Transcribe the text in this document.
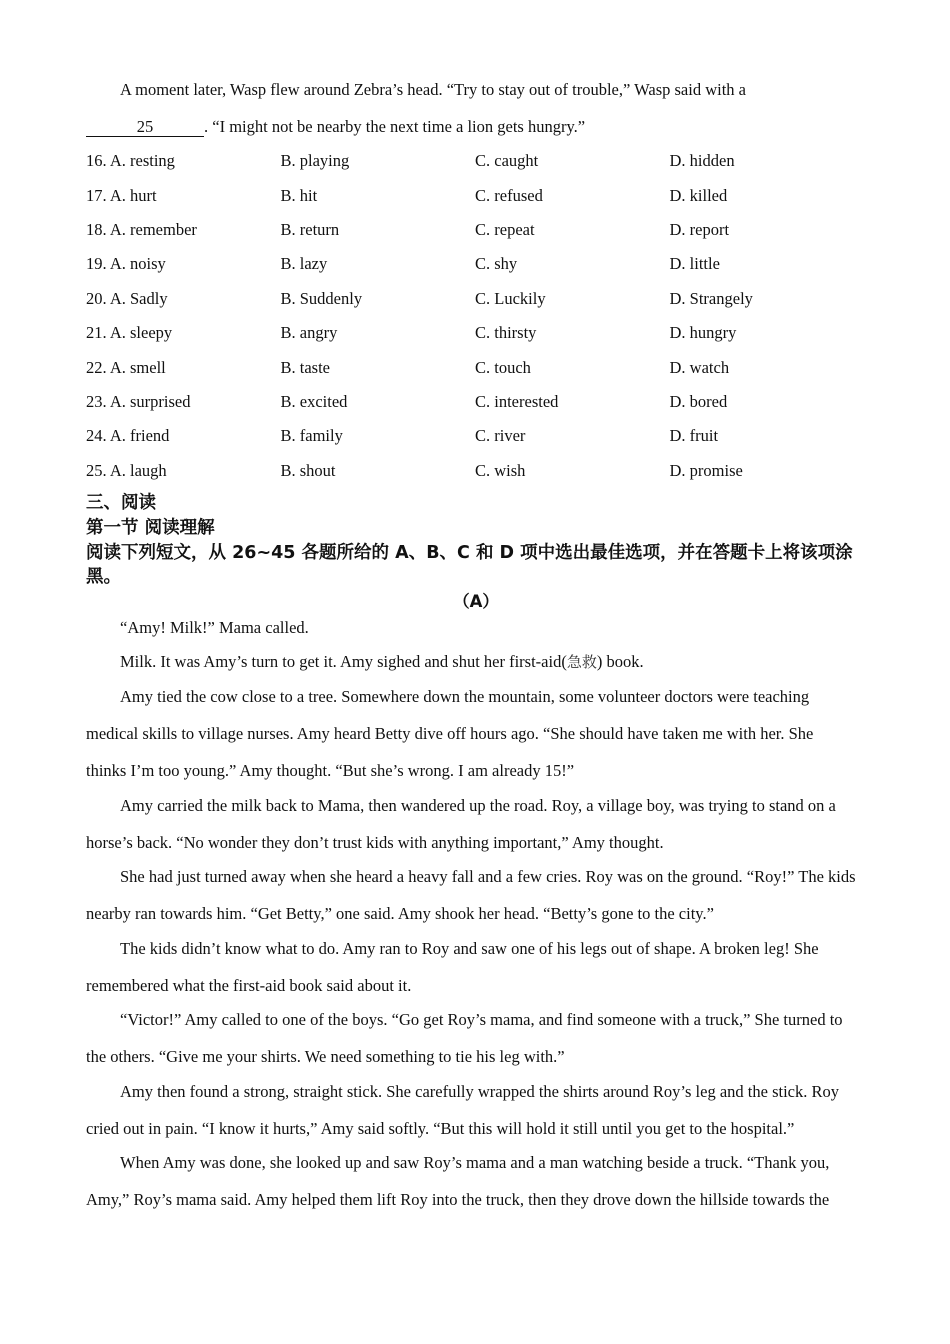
A moment later, Wasp flew around Zebra’s head. “Try to stay out of trouble,” Wasp said with a

25	. “I might not be nearby the next time a lion gets hungry.”
16. A. resting	B. playing	C. caught	D. hidden
17. A. hurt	B. hit	C. refused	D. killed
18. A. remember	B. return	C. repeat	D. report
19. A. noisy	B. lazy	C. shy	D. little
20. A. Sadly	B. Suddenly	C. Luckily	D. Strangely
21. A. sleepy	B. angry	C. thirsty	D. hungry
22. A. smell	B. taste	C. touch	D. watch
23. A. surprised	B. excited	C. interested	D. bored
24. A. friend	B. family	C. river	D. fruit
25. A. laugh	B. shout	C. wish	D. promise
三、阅读
第一节 阅读理解
阅读下列短文，从 26~45 各题所给的 A、B、C 和 D 项中选出最佳选项，并在答题卡上将该项涂黑。
（A）

“Amy! Milk!” Mama called.

Milk. It was Amy’s turn to get it. Amy sighed and shut her first-aid(急救) book.

Amy tied the cow close to a tree. Somewhere down the mountain, some volunteer doctors were teaching medical skills to village nurses. Amy heard Betty dive off hours ago. “She should have taken me with her. She thinks I’m too young.” Amy thought. “But she’s wrong. I am already 15!”

Amy carried the milk back to Mama, then wandered up the road. Roy, a village boy, was trying to stand on a horse’s back. “No wonder they don’t trust kids with anything important,” Amy thought.

She had just turned away when she heard a heavy fall and a few cries. Roy was on the ground. “Roy!” The kids nearby ran towards him. “Get Betty,” one said. Amy shook her head. “Betty’s gone to the city.”

The kids didn’t know what to do. Amy ran to Roy and saw one of his legs out of shape. A broken leg! She remembered what the first-aid book said about it.

“Victor!” Amy called to one of the boys. “Go get Roy’s mama, and find someone with a truck,” She turned to the others. “Give me your shirts. We need something to tie his leg with.”

Amy then found a strong, straight stick. She carefully wrapped the shirts around Roy’s leg and the stick. Roy cried out in pain. “I know it hurts,” Amy said softly. “But this will hold it still until you get to the hospital.”

When Amy was done, she looked up and saw Roy’s mama and a man watching beside a truck. “Thank you, Amy,” Roy’s mama said. Amy helped them lift Roy into the truck, then they drove down the hillside towards the
